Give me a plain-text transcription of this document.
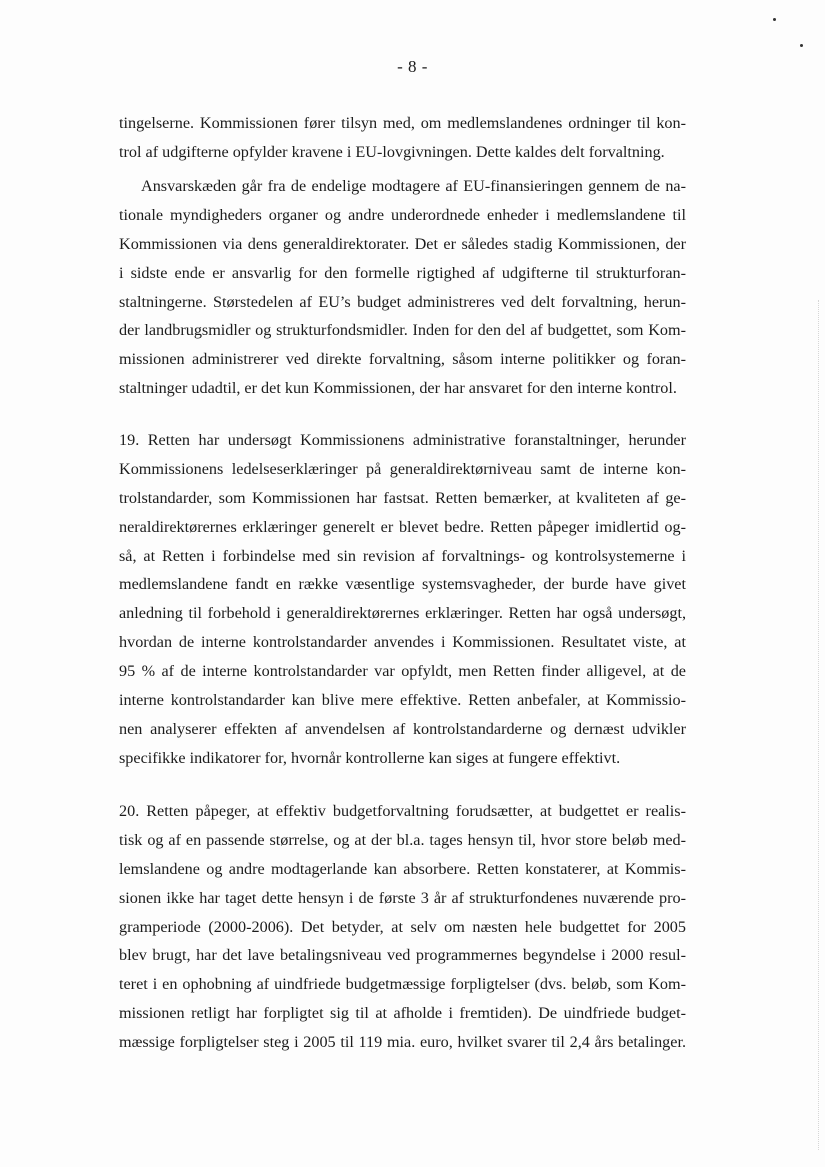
- 8 -
tingelserne. Kommissionen fører tilsyn med, om medlemslandenes ordninger til kon-
trol af udgifterne opfylder kravene i EU-lovgivningen. Dette kaldes delt forvaltning.
Ansvarskæden går fra de endelige modtagere af EU-finansieringen gennem de na-
tionale myndigheders organer og andre underordnede enheder i medlemslandene til
Kommissionen via dens generaldirektorater. Det er således stadig Kommissionen, der
i sidste ende er ansvarlig for den formelle rigtighed af udgifterne til strukturforan-
staltningerne. Størstedelen af EU’s budget administreres ved delt forvaltning, herun-
der landbrugsmidler og strukturfondsmidler. Inden for den del af budgettet, som Kom-
missionen administrerer ved direkte forvaltning, såsom interne politikker og foran-
staltninger udadtil, er det kun Kommissionen, der har ansvaret for den interne kontrol.
19. Retten har undersøgt Kommissionens administrative foranstaltninger, herunder
Kommissionens ledelseserklæringer på generaldirektørniveau samt de interne kon-
trolstandarder, som Kommissionen har fastsat. Retten bemærker, at kvaliteten af ge-
neraldirektørernes erklæringer generelt er blevet bedre. Retten påpeger imidlertid og-
så, at Retten i forbindelse med sin revision af forvaltnings- og kontrolsystemerne i
medlemslandene fandt en række væsentlige systemsvagheder, der burde have givet
anledning til forbehold i generaldirektørernes erklæringer. Retten har også undersøgt,
hvordan de interne kontrolstandarder anvendes i Kommissionen. Resultatet viste, at
95 % af de interne kontrolstandarder var opfyldt, men Retten finder alligevel, at de
interne kontrolstandarder kan blive mere effektive. Retten anbefaler, at Kommissio-
nen analyserer effekten af anvendelsen af kontrolstandarderne og dernæst udvikler
specifikke indikatorer for, hvornår kontrollerne kan siges at fungere effektivt.
20. Retten påpeger, at effektiv budgetforvaltning forudsætter, at budgettet er realis-
tisk og af en passende størrelse, og at der bl.a. tages hensyn til, hvor store beløb med-
lemslandene og andre modtagerlande kan absorbere. Retten konstaterer, at Kommis-
sionen ikke har taget dette hensyn i de første 3 år af strukturfondenes nuværende pro-
gramperiode (2000-2006). Det betyder, at selv om næsten hele budgettet for 2005
blev brugt, har det lave betalingsniveau ved programmernes begyndelse i 2000 resul-
teret i en ophobning af uindfriede budgetmæssige forpligtelser (dvs. beløb, som Kom-
missionen retligt har forpligtet sig til at afholde i fremtiden). De uindfriede budget-
mæssige forpligtelser steg i 2005 til 119 mia. euro, hvilket svarer til 2,4 års betalinger.
